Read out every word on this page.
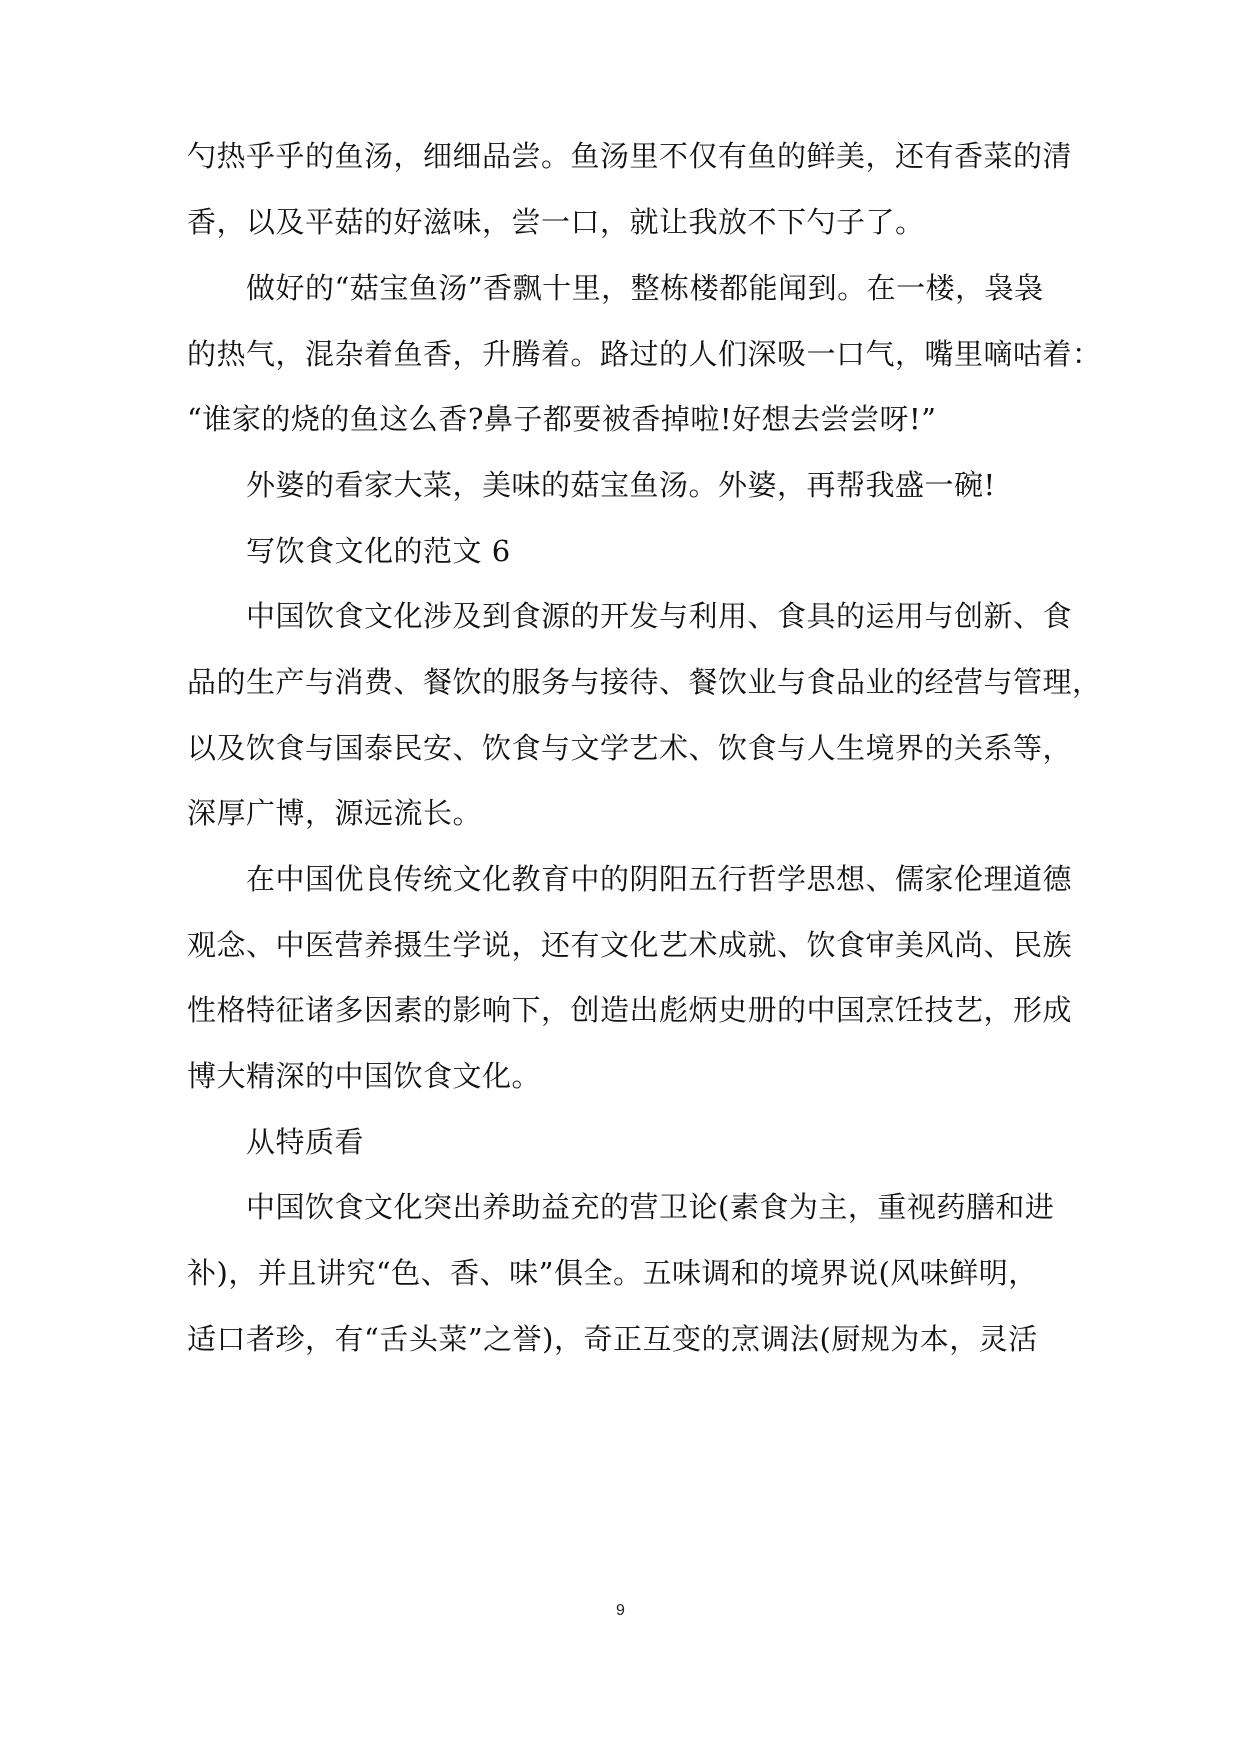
勺热乎乎的鱼汤，细细品尝。鱼汤里不仅有鱼的鲜美，还有香菜的清
香，以及平菇的好滋味，尝一口，就让我放不下勺子了。
做好的“菇宝鱼汤”香飘十里，整栋楼都能闻到。在一楼，袅袅
的热气，混杂着鱼香，升腾着。路过的人们深吸一口气，嘴里嘀咕着：
“谁家的烧的鱼这么香?鼻子都要被香掉啦!好想去尝尝呀!”
外婆的看家大菜，美味的菇宝鱼汤。外婆，再帮我盛一碗!
写饮食文化的范文 6
中国饮食文化涉及到食源的开发与利用、食具的运用与创新、食
品的生产与消费、餐饮的服务与接待、餐饮业与食品业的经营与管理，
以及饮食与国泰民安、饮食与文学艺术、饮食与人生境界的关系等，
深厚广博，源远流长。
在中国优良传统文化教育中的阴阳五行哲学思想、儒家伦理道德
观念、中医营养摄生学说，还有文化艺术成就、饮食审美风尚、民族
性格特征诸多因素的影响下，创造出彪炳史册的中国烹饪技艺，形成
博大精深的中国饮食文化。
从特质看
中国饮食文化突出养助益充的营卫论(素食为主，重视药膳和进
补)，并且讲究“色、香、味”俱全。五味调和的境界说(风味鲜明，
适口者珍，有“舌头菜”之誉)，奇正互变的烹调法(厨规为本，灵活
9
